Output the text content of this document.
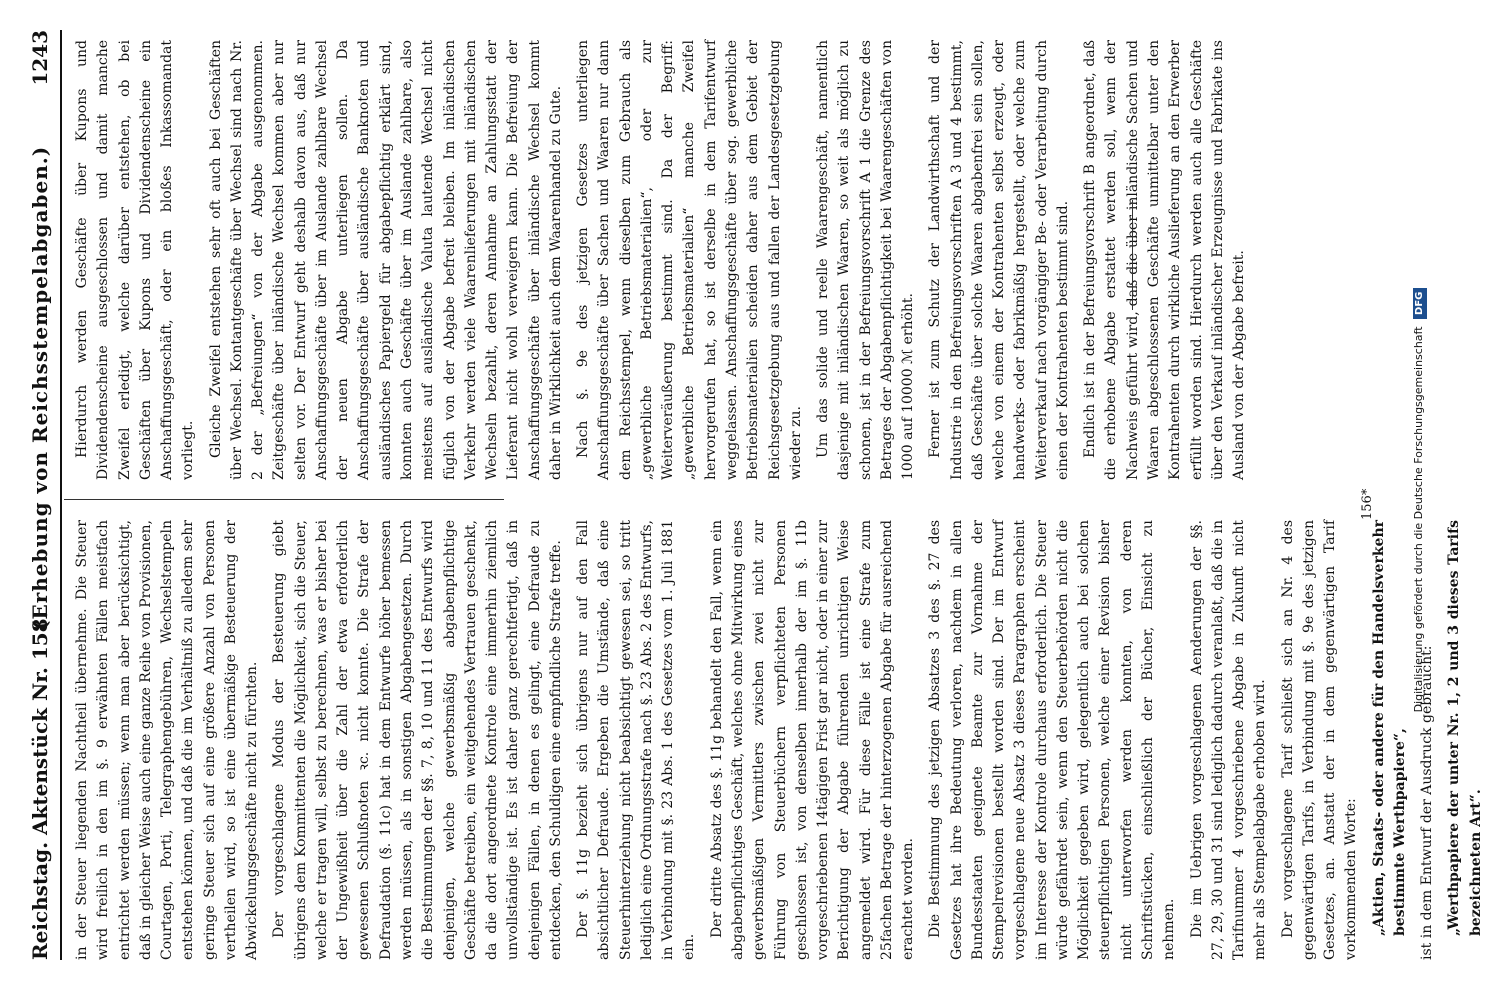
Reichstag. Aktenstück Nr. 158.
(Erhebung von Reichsstempelabgaben.)
1243

in der Steuer liegenden Nachtheil übernehme. Die Steuer wird freilich in den im §. 9 erwähnten Fällen meistfach entrichtet werden müssen; wenn man aber berücksichtigt, daß in gleicher Weise auch eine ganze Reihe von Provisionen, Courtagen, Porti, Telegraphengebühren, Wechselstempeln entstehen können, und daß die im Verhältniß zu alledem sehr geringe Steuer sich auf eine größere Anzahl von Personen vertheilen wird, so ist eine übermäßige Besteuerung der Abwickelungsgeschäfte nicht zu fürchten. Der vorgeschlagene Modus der Besteuerung giebt übrigens dem Kommittenten die Möglichkeit, sich die Steuer, welche er tragen will, selbst zu berechnen, was er bisher bei der Ungewißheit über die Zahl der etwa erforderlich gewesenen Schlußnoten ꝛc. nicht konnte. Die Strafe der Defraudation (§. 11c) hat in dem Entwurfe höher bemessen werden müssen, als in sonstigen Abgabengesetzen. Durch die Bestimmungen der §§. 7, 8, 10 und 11 des Entwurfs wird denjenigen, welche gewerbsmäßig abgabenpflichtige Geschäfte betreiben, ein weitgehendes Vertrauen geschenkt, da die dort angeordnete Kontrole eine immerhin ziemlich unvollständige ist. Es ist daher ganz gerechtfertigt, daß in denjenigen Fällen, in denen es gelingt, eine Defraude zu entdecken, den Schuldigen eine empfindliche Strafe treffe. Der §. 11g bezieht sich übrigens nur auf den Fall absichtlicher Defraude. Ergeben die Umstände, daß eine Steuerhinterziehung nicht beabsichtigt gewesen sei, so tritt lediglich eine Ordnungsstrafe nach §. 23 Abs. 2 des Entwurfs, in Verbindung mit §. 23 Abs. 1 des Gesetzes vom 1. Juli 1881 ein.

Der dritte Absatz des §. 11g behandelt den Fall, wenn ein abgabenpflichtiges Geschäft, welches ohne Mitwirkung eines gewerbsmäßigen Vermittlers zwischen zwei nicht zur Führung von Steuerbüchern verpflichteten Personen geschlossen ist, von denselben innerhalb der im §. 11b vorgeschriebenen 14tägigen Frist gar nicht, oder in einer zur Berichtigung der Abgabe führenden unrichtigen Weise angemeldet wird. Für diese Fälle ist eine Strafe zum 25fachen Betrage der hinterzogenen Abgabe für ausreichend erachtet worden. Die Bestimmung des jetzigen Absatzes 3 des §. 27 des Gesetzes hat ihre Bedeutung verloren, nachdem in allen Bundesstaaten geeignete Beamte zur Vornahme der Stempelrevisionen bestellt worden sind. Der im Entwurf vorgeschlagene neue Absatz 3 dieses Paragraphen erscheint im Interesse der Kontrole durchaus erforderlich. Die Steuer würde gefährdet sein, wenn den Steuerbehörden nicht die Möglichkeit gegeben wird, gelegentlich auch bei solchen steuerpflichtigen Personen, welche einer Revision bisher nicht unterworfen werden konnten, von deren Schriftstücken, einschließlich der Bücher, Einsicht zu nehmen. Die im Uebrigen vorgeschlagenen Aenderungen der §§. 27, 29, 30 und 31 sind lediglich dadurch veranlaßt, daß die in Tarifnummer 4 vorgeschriebene Abgabe in Zukunft nicht mehr als Stempelabgabe erhoben wird. Der vorgeschlagene Tarif schließt sich an Nr. 4 des gegenwärtigen Tarifs, in Verbindung mit §. 9e des jetzigen Gesetzes, an. Anstatt der in dem gegenwärtigen Tarif vorkommenden Worte: „Aktien, Staats- oder andere für den Handelsverkehr bestimmte Werthpapiere“, ist in dem Entwurf der Ausdruck gebraucht: „Werthpapiere der unter Nr. 1, 2 und 3 dieses Tarifs bezeichneten Art“.

Hierdurch werden Geschäfte über Kupons und Dividendenscheine ausgeschlossen und damit manche Zweifel erledigt, welche darüber entstehen, ob bei Geschäften über Kupons und Dividendenscheine ein Anschaffungsgeschäft, oder ein bloßes Inkassomandat vorliegt. Gleiche Zweifel entstehen sehr oft auch bei Geschäften über Wechsel. Kontantgeschäfte über Wechsel sind nach Nr. 2 der „Befreiungen“ von der Abgabe ausgenommen. Zeitgeschäfte über inländische Wechsel kommen aber nur selten vor. Der Entwurf geht deshalb davon aus, daß nur Anschaffungsgeschäfte über im Auslande zahlbare Wechsel der neuen Abgabe unterliegen sollen. Da Anschaffungsgeschäfte über ausländische Banknoten und ausländisches Papiergeld für abgabepflichtig erklärt sind, konnten auch Geschäfte über im Auslande zahlbare, also meistens auf ausländische Valuta lautende Wechsel nicht füglich von der Abgabe befreit bleiben. Im inländischen Verkehr werden viele Waarenlieferungen mit inländischen Wechseln bezahlt, deren Annahme an Zahlungsstatt der Lieferant nicht wohl verweigern kann. Die Befreiung der Anschaffungsgeschäfte über inländische Wechsel kommt daher in Wirklichkeit auch dem Waarenhandel zu Gute. Nach §. 9e des jetzigen Gesetzes unterliegen Anschaffungsgeschäfte über Sachen und Waaren nur dann dem Reichsstempel, wenn dieselben zum Gebrauch als „gewerbliche Betriebsmaterialien“, oder zur Weiterveräußerung bestimmt sind. Da der Begriff: „gewerbliche Betriebsmaterialien“ manche Zweifel hervorgerufen hat, so ist derselbe in dem Tarifentwurf weggelassen. Anschaffungsgeschäfte über sog. gewerbliche Betriebsmaterialien scheiden daher aus dem Gebiet der Reichsgesetzgebung aus und fallen der Landesgesetzgebung wieder zu. Um das solide und reelle Waarengeschäft, namentlich dasjenige mit inländischen Waaren, so weit als möglich zu schonen, ist in der Befreiungsvorschrift A 1 die Grenze des Betrages der Abgabenpflichtigkeit bei Waarengeschäften von 1000 auf 10000 ℳ erhöht. Ferner ist zum Schutz der Landwirthschaft und der Industrie in den Befreiungsvorschriften A 3 und 4 bestimmt, daß Geschäfte über solche Waaren abgabenfrei sein sollen, welche von einem der Kontrahenten selbst erzeugt, oder handwerks- oder fabrikmäßig hergestellt, oder welche zum Weiterverkauf nach vorgängiger Be- oder Verarbeitung durch einen der Kontrahenten bestimmt sind. Endlich ist in der Befreiungsvorschrift B angeordnet, daß die erhobene Abgabe erstattet werden soll, wenn der Nachweis geführt wird, daß die über inländische Sachen und Waaren abgeschlossenen Geschäfte unmittelbar unter den Kontrahenten durch wirkliche Auslieferung an den Erwerber erfüllt worden sind. Hierdurch werden auch alle Geschäfte über den Verkauf inländischer Erzeugnisse und Fabrikate ins Ausland von der Abgabe befreit.

156*	Digitalisierung gefördert durch die Deutsche Forschungsgemeinschaft DFG
